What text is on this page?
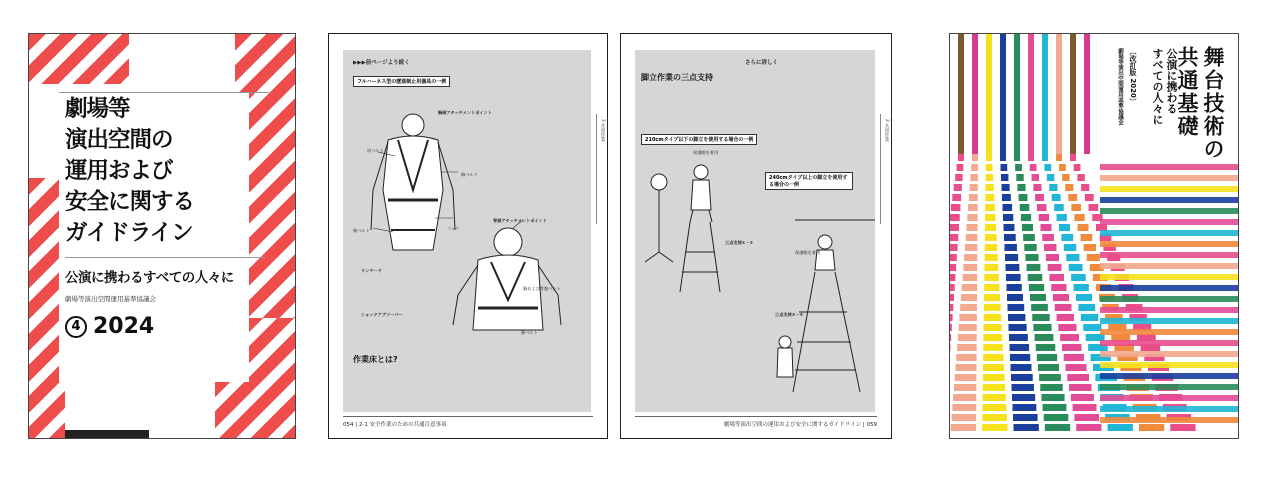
劇場等
演出空間の
運用および
安全に関する
ガイドライン
公演に携わるすべての人々に
劇場等演出空間運用基準協議会
4 2024
▶▶▶前ページより続く
フルハーネス型の墜落制止用器具の一例
胸部アタッチメントポイント
肩ベルト
胸ベルト
フック
腿ベルト
背部アタッチメントポイント
ランヤード
胴および骨盤ベルト
ショックアブソーバー
腿ベルト
作業床とは?
2 共同作業
054 | 2-1 安全作業のための共通注意事項
さらに詳しく
脚立作業の三点支持
210cmタイプ以下の脚立を使用する場合の一例
保護帽を着用
240cmタイプ以上の脚立を使用する場合の一例
三点支持①・②
保護帽を着用
三点支持③・④
2 共同作業
劇場等演出空間の運用および安全に関するガイドライン | 059
舞台技術の
共通基礎
公演に携わる
すべての人々に
〔改訂版 2020〕
劇場等演出空間運用基準協議会
